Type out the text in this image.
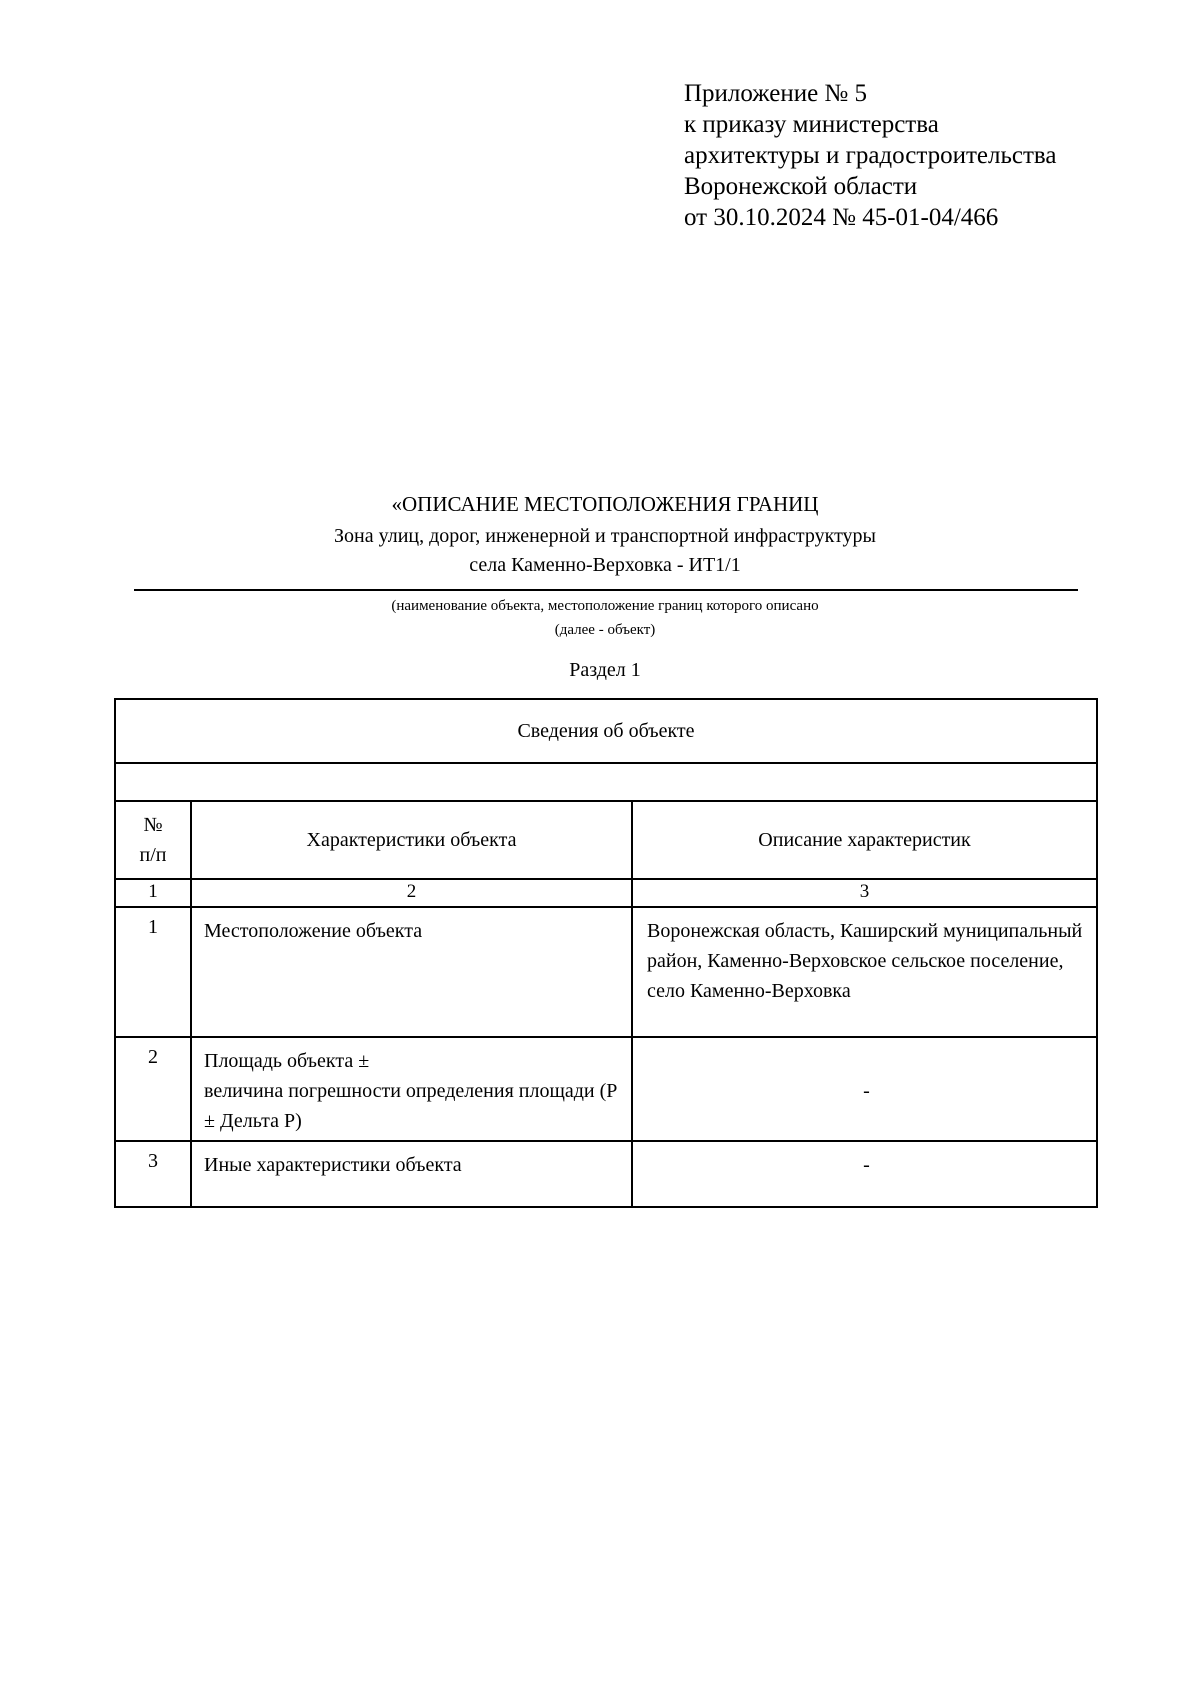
Приложение № 5
к приказу министерства
архитектуры и градостроительства
Воронежской области
от 30.10.2024 № 45-01-04/466
«ОПИСАНИЕ МЕСТОПОЛОЖЕНИЯ ГРАНИЦ
Зона улиц, дорог, инженерной и транспортной инфраструктуры
села Каменно-Верховка - ИТ1/1
(наименование объекта, местоположение границ которого описано
(далее - объект)
Раздел 1
Сведения об объекте		

№
п/п	Характеристики объекта	Описание характеристик
1	2	3
1	Местоположение объекта	Воронежская область, Каширский муниципальный район, Каменно-Верховское сельское поселение, село Каменно-Верховка
2	Площадь объекта ±
величина погрешности определения площади (P ± Дельта P)	-
3	Иные характеристики объекта	-
